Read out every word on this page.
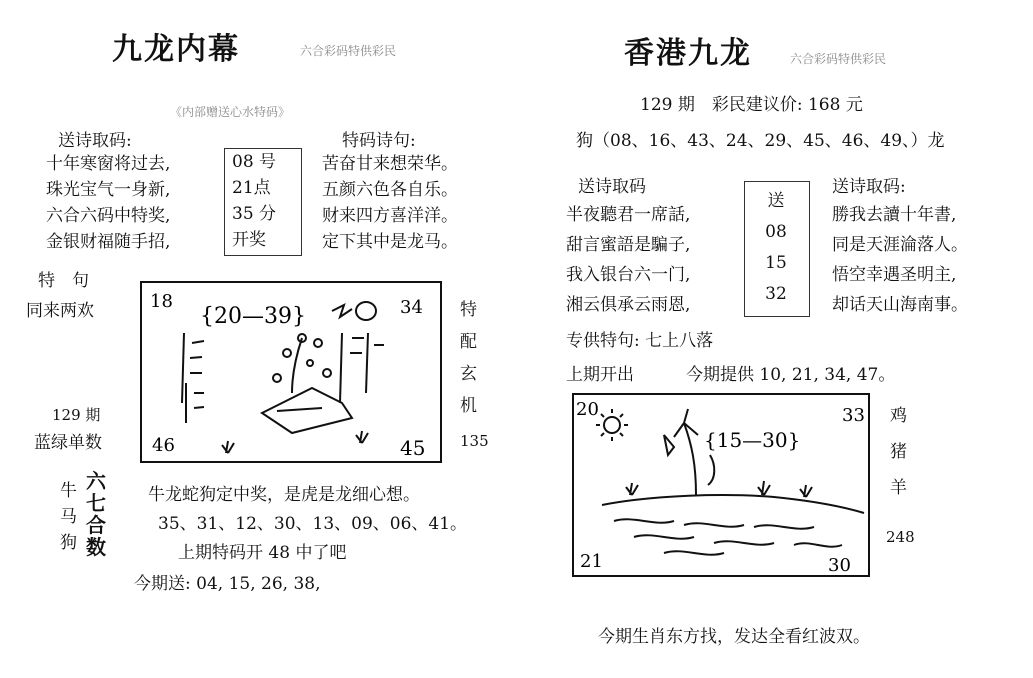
九龙内幕	六合彩码特供彩民
《内部赠送心水特码》
送诗取码:
十年寒窗将过去,
珠光宝气一身新,
六合六码中特奖,
金银财福随手招,
08 号
21点
35 分
开奖
特码诗句:
苦奋甘来想荣华。
五颜六色各自乐。
财来四方喜洋洋。
定下其中是龙马。
特　句
同来两欢
129 期
蓝绿单数
18
{20—39}	34
46	45
特
配
玄
机
135
牛
马
狗
六
七
合
数
牛龙蛇狗定中奖，是虎是龙细心想。
35、31、12、30、13、09、06、41。
上期特码开 48 中了吧
今期送: 04, 15, 26, 38,
香港九龙	六合彩码特供彩民
129 期　彩民建议价: 168 元
狗（08、16、43、24、29、45、46、49、）龙
送诗取码
半夜聽君一席話,
甜言蜜語是騙子,
我入银台六一门,
湘云俱承云雨恩,
送
08
15
32
送诗取码:
勝我去讀十年書,
同是天涯淪落人。
悟空幸遇圣明主,
却话天山海南事。
专供特句: 七上八落
上期开出	今期提供 10, 21, 34, 47。
20
{15—30}
33
21	30
鸡
猪
羊
248
今期生肖东方找，发达全看红波双。
